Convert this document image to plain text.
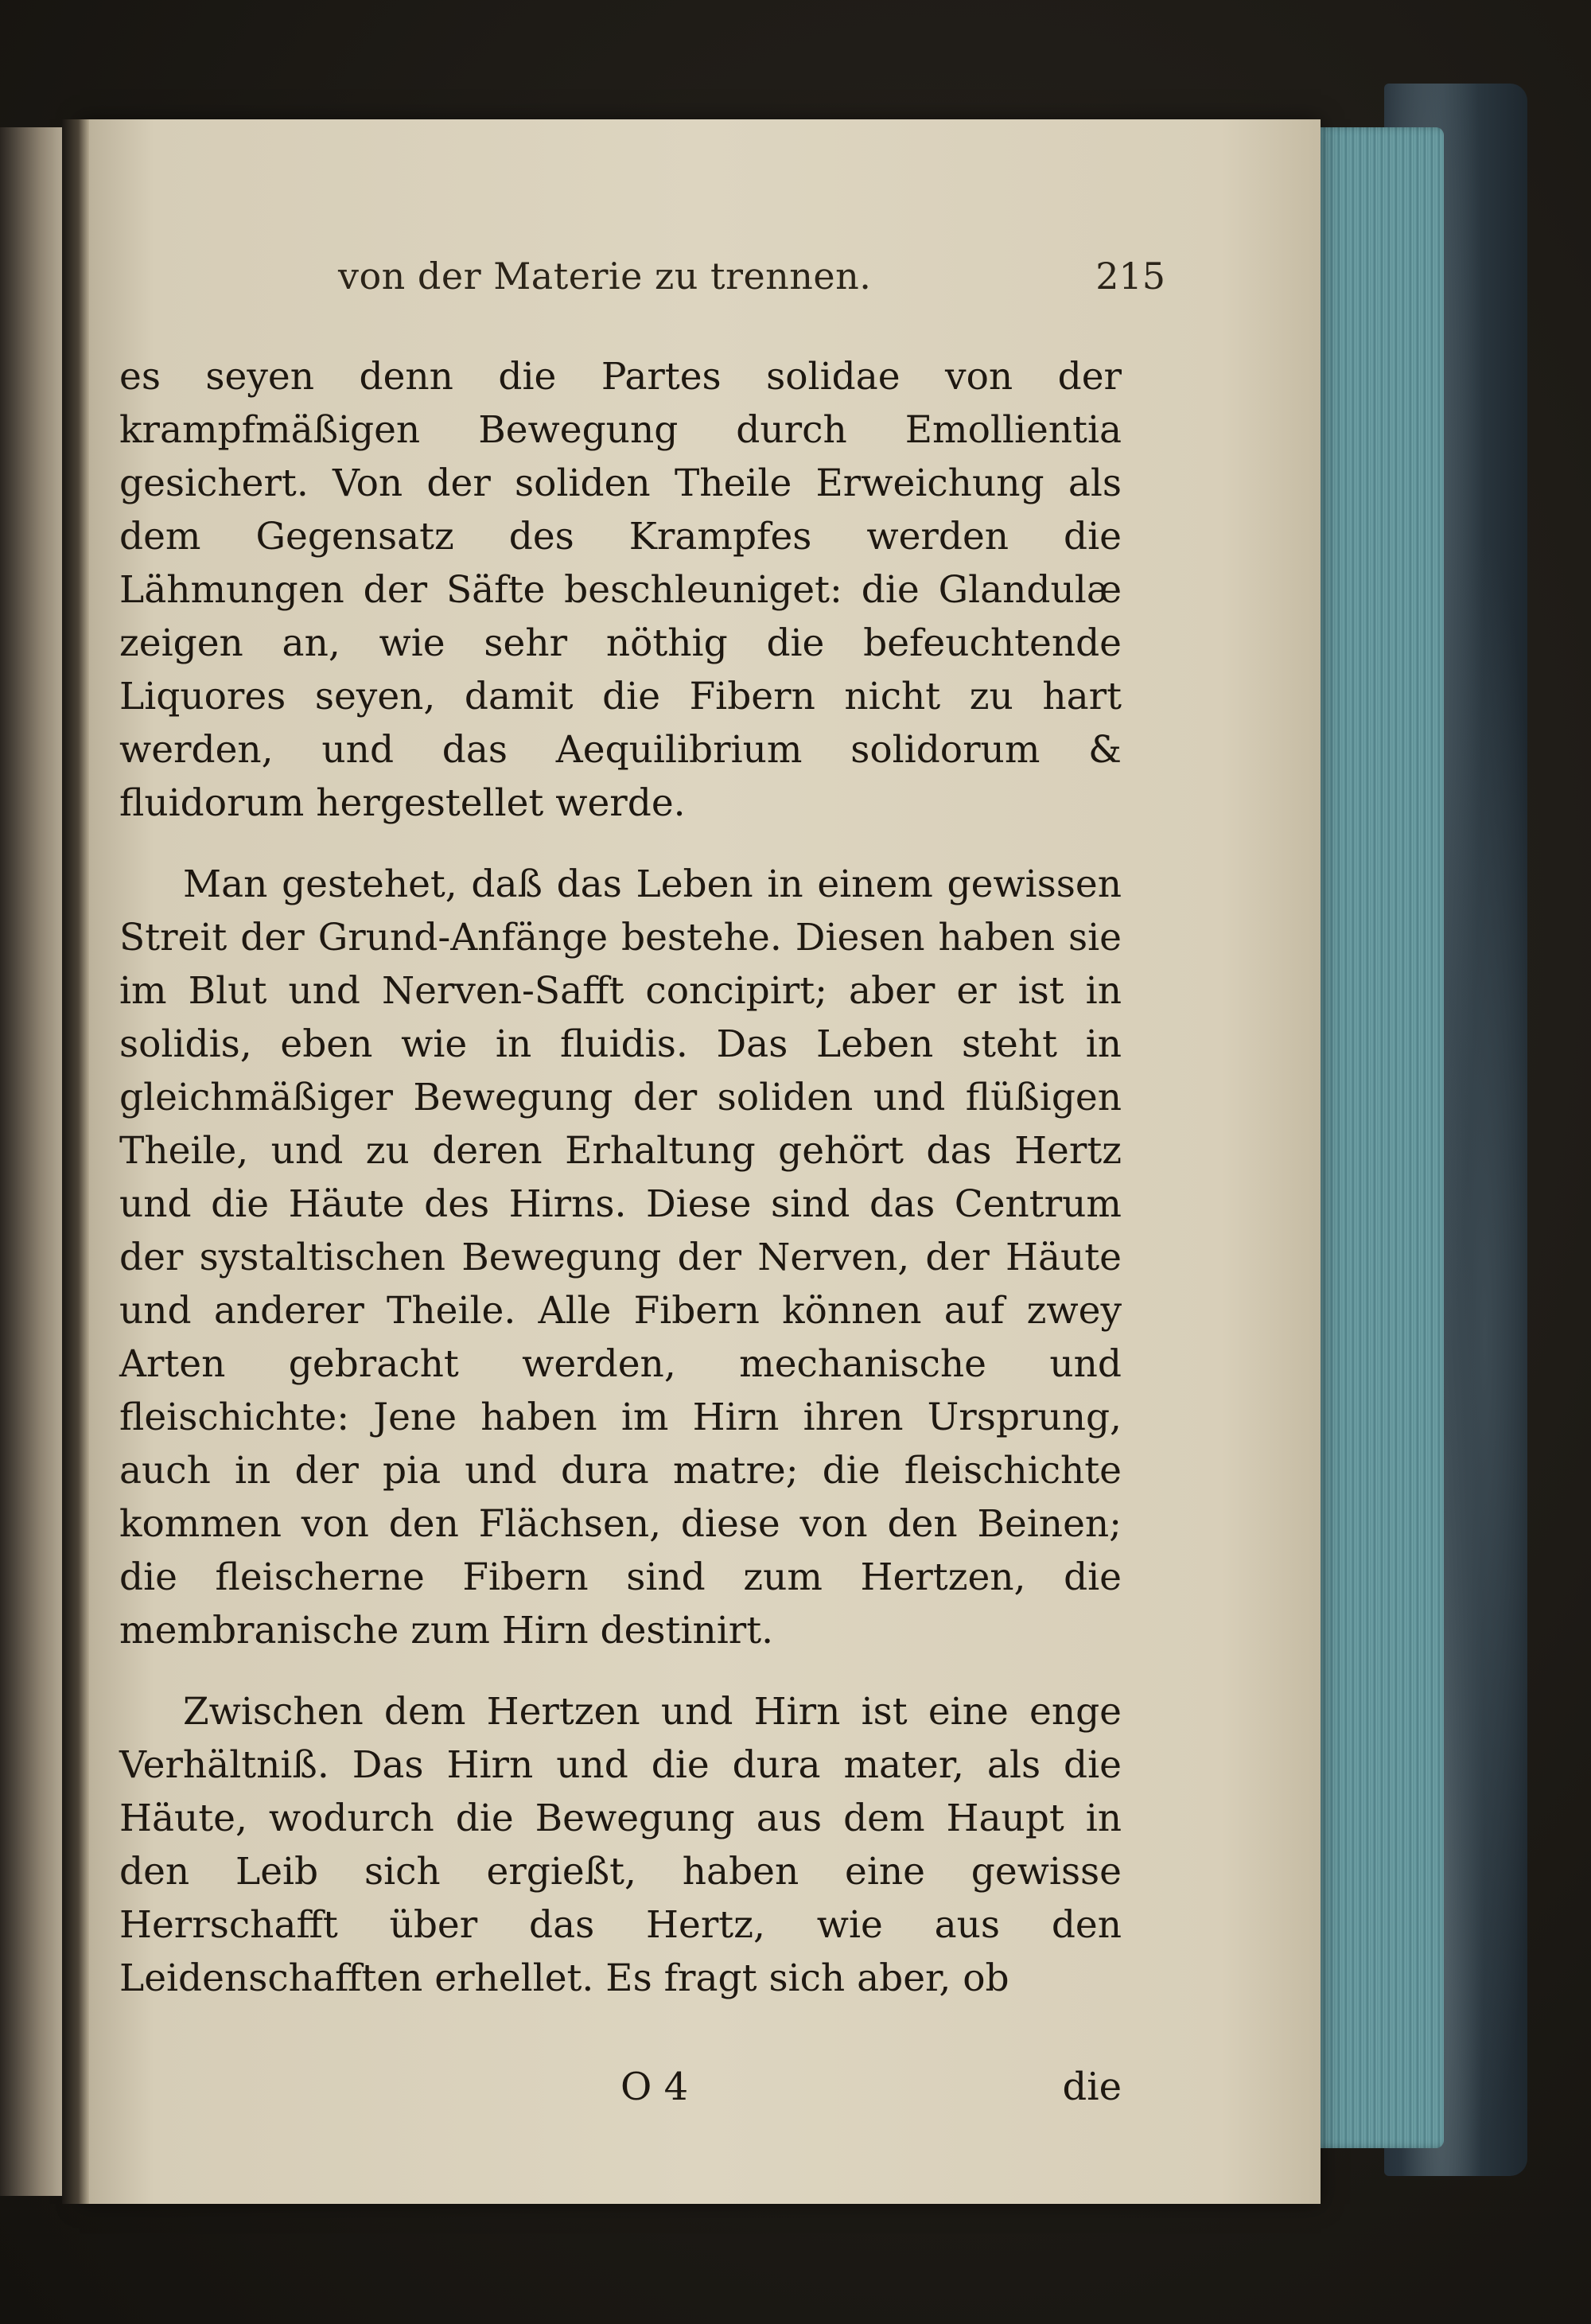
von der Materie zu trennen.	215

es seyen denn die Partes solidae von der krampfmäßigen Bewegung durch Emollientia gesichert. Von der soliden Theile Erweichung als dem Gegensatz des Krampfes werden die Lähmungen der Säfte beschleuniget: die Glandulæ zeigen an, wie sehr nöthig die befeuchtende Liquores seyen, damit die Fibern nicht zu hart werden, und das Aequilibrium solidorum & fluidorum hergestellet werde.

Man gestehet, daß das Leben in einem gewissen Streit der Grund-Anfänge bestehe. Diesen haben sie im Blut und Nerven-Safft concipirt; aber er ist in solidis, eben wie in fluidis. Das Leben steht in gleichmäßiger Bewegung der soliden und flüßigen Theile, und zu deren Erhaltung gehört das Hertz und die Häute des Hirns. Diese sind das Centrum der systaltischen Bewegung der Nerven, der Häute und anderer Theile. Alle Fibern können auf zwey Arten gebracht werden, mechanische und fleischichte: Jene haben im Hirn ihren Ursprung, auch in der pia und dura matre; die fleischichte kommen von den Flächsen, diese von den Beinen; die fleischerne Fibern sind zum Hertzen, die membranische zum Hirn destinirt.

Zwischen dem Hertzen und Hirn ist eine enge Verhältniß. Das Hirn und die dura mater, als die Häute, wodurch die Bewegung aus dem Haupt in den Leib sich ergießt, haben eine gewisse Herrschafft über das Hertz, wie aus den Leidenschafften erhellet. Es fragt sich aber, ob

O 4	die
